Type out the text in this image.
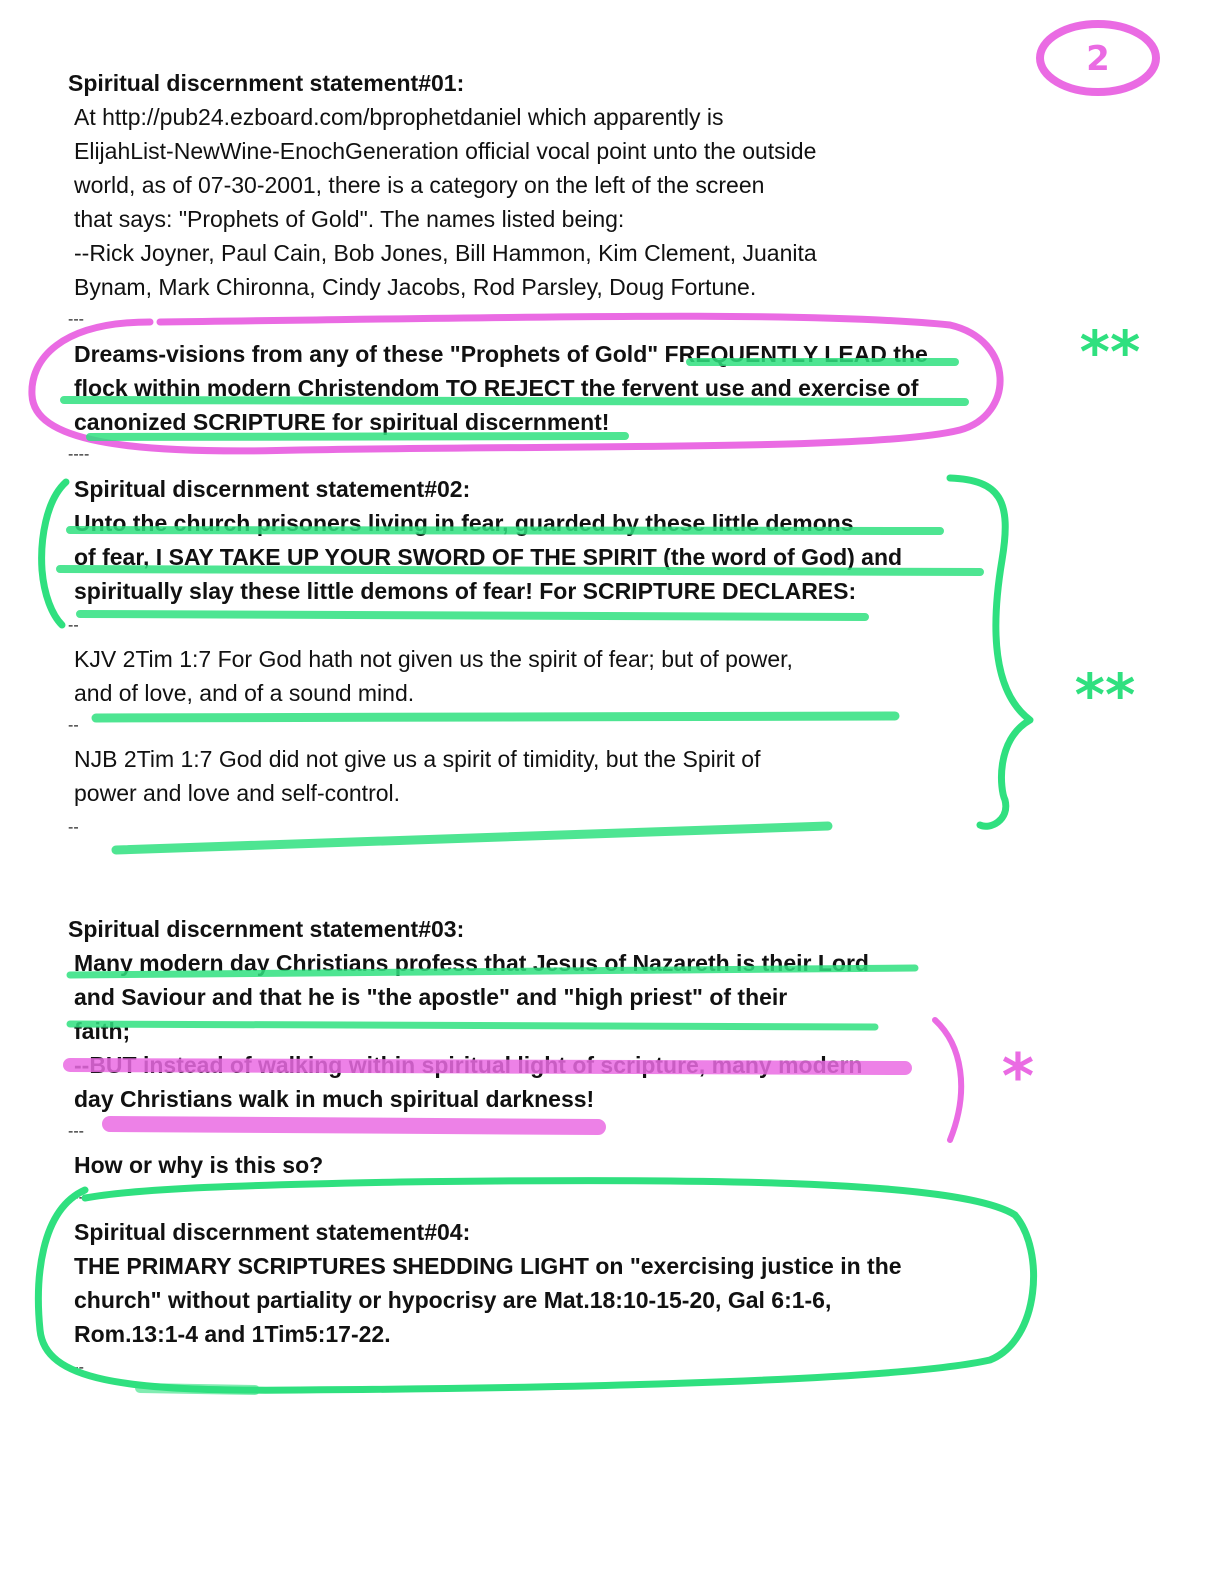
Spiritual discernment statement#01:

At http://pub24.ezboard.com/bprophetdaniel which apparently is

ElijahList-NewWine-EnochGeneration official vocal point unto the outside

world, as of 07-30-2001, there is a category on the left of the screen

that says: "Prophets of Gold". The names listed being:

--Rick Joyner, Paul Cain, Bob Jones, Bill Hammon, Kim Clement, Juanita

Bynam, Mark Chironna, Cindy Jacobs, Rod Parsley, Doug Fortune.

---

Dreams-visions from any of these "Prophets of Gold" FREQUENTLY LEAD the

flock within modern Christendom TO REJECT the fervent use and exercise of

canonized SCRIPTURE for spiritual discernment!

----

Spiritual discernment statement#02:

Unto the church prisoners living in fear, guarded by these little demons

of fear, I SAY TAKE UP YOUR SWORD OF THE SPIRIT (the word of God) and

spiritually slay these little demons of fear! For SCRIPTURE DECLARES:

--

KJV 2Tim 1:7 For God hath not given us the spirit of fear; but of power,

and of love, and of a sound mind.

--

NJB 2Tim 1:7 God did not give us a spirit of timidity, but the Spirit of

power and love and self-control.

--

Spiritual discernment statement#03:

Many modern day Christians profess that Jesus of Nazareth is their Lord

and Saviour and that he is "the apostle" and "high priest" of their

faith;

--BUT instead of walking within spiritual light of scripture, many modern

day Christians walk in much spiritual darkness!

---

How or why is this so?

---

Spiritual discernment statement#04:

THE PRIMARY SCRIPTURES SHEDDING LIGHT on "exercising justice in the

church" without partiality or hypocrisy are Mat.18:10-15-20, Gal 6:1-6,

Rom.13:1-4 and 1Tim5:17-22.

---

2
**
**
*
